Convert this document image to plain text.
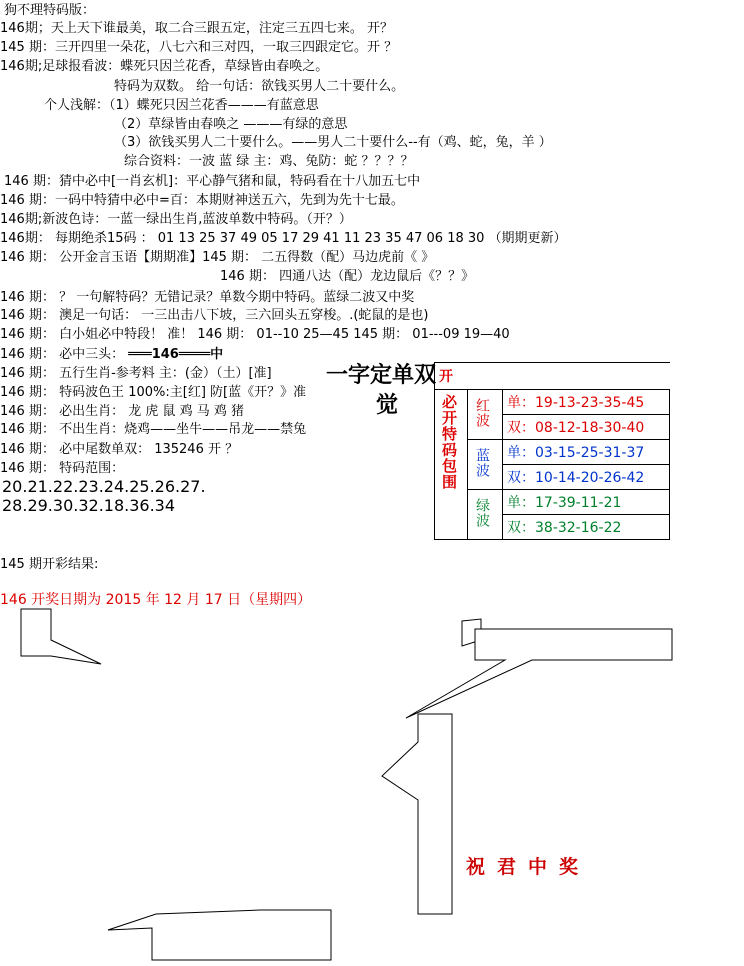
狗不理特码版：
146期；天上天下谁最美，取二合三跟五定，注定三五四七来。 开？
145 期：三开四里一朵花，八七六和三对四，一取三四跟定它。开 ？
146期;足球报看波：蝶死只因兰花香，草绿皆由春唤之。
特码为双数。 给一句话：欲钱买男人二十要什么。
个人浅解：（1）蝶死只因兰花香———有蓝意思
（2）草绿皆由春唤之 ———有绿的意思
（3）欲钱买男人二十要什么。——男人二十要什么--有（鸡、蛇，兔，羊 ）
综合资料：一波 蓝 绿 主：鸡、兔防：蛇 ？？？？
146 期：猜中必中[一肖玄机]：平心静气猪和鼠，特码看在十八加五七中
146 期：一码中特猜中必中=百：本期财神送五六，先到为先十七最。
146期;新波色诗：一蓝一绿出生肖,蓝波单数中特码。（开？）
146期： 每期绝杀15码 ： 01 13 25 37 49 05 17 29 41 11 23 35 47 06 18 30 （期期更新）
146 期： 公开金言玉语【期期准】145 期： 二五得数（配）马边虎前《 》
146 期： 四通八达（配）龙边鼠后《？？》
146 期： ？ 一句解特码？无错记录？单数今期中特码。蓝绿二波又中奖
146 期： 澳足一句话： 一三出击八下坡，三六回头五穿梭。.(蛇鼠的是也)
146 期： 白小姐必中特段！ 准！ 146 期： 01--10 25—45 145 期： 01---09 19—40
146 期： 必中三头： ═══146════中
146 期： 五行生肖-参考料 主：(金）（土）[准]
146 期： 特码波色王 100%:主[红] 防[蓝《开？》准
146 期： 必出生肖： 龙 虎 鼠 鸡 马 鸡 猪
146 期： 不出生肖：烧鸡——坐牛——吊龙——禁兔
146 期： 必中尾数单双： 135246 开 ？
146 期： 特码范围：
20.21.22.23.24.25.26.27.
28.29.30.32.18.36.34
一字定单双
觉
开		
必开特码包围	红波	单：19-13-23-35-45
		双：08-12-18-30-40
	蓝波	单：03-15-25-31-37
		双：10-14-20-26-42
	绿波	单：17-39-11-21
		双：38-32-16-22
145 期开彩结果:
146 开奖日期为 2015 年 12 月 17 日（星期四）
祝君中奖
